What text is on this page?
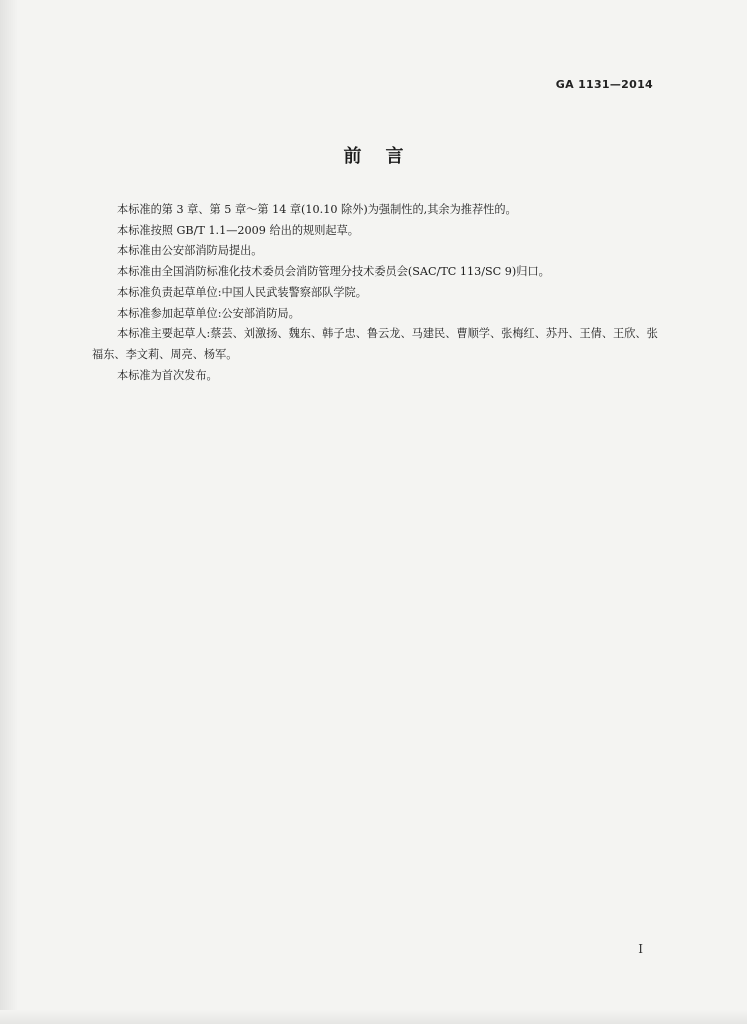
GA 1131—2014
前言

本标准的第 3 章、第 5 章～第 14 章(10.10 除外)为强制性的,其余为推荐性的。

本标准按照 GB/T 1.1—2009 给出的规则起草。

本标准由公安部消防局提出。

本标准由全国消防标准化技术委员会消防管理分技术委员会(SAC/TC 113/SC 9)归口。

本标准负责起草单位:中国人民武装警察部队学院。

本标准参加起草单位:公安部消防局。

本标准主要起草人:蔡芸、刘激扬、魏东、韩子忠、鲁云龙、马建民、曹顺学、张梅红、苏丹、王倩、王欣、张福东、李文莉、周亮、杨军。

本标准为首次发布。

I
